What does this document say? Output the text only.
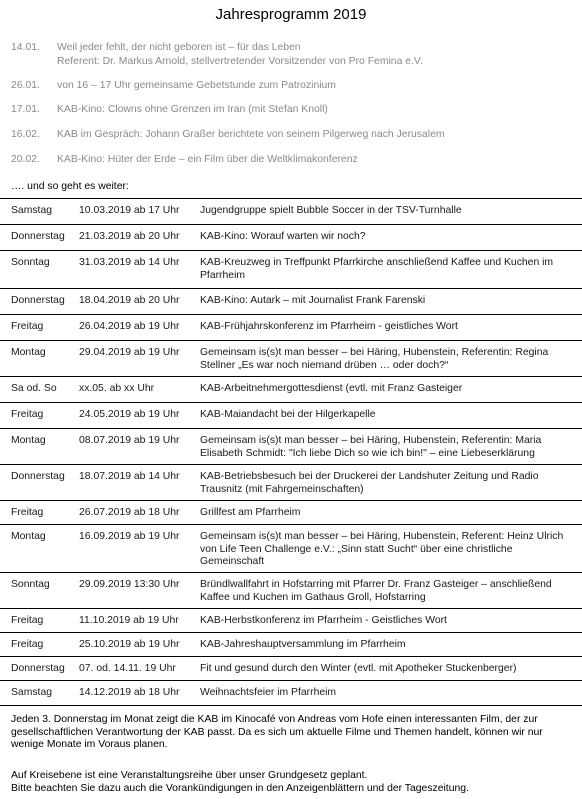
Jahresprogramm 2019
14.01. Weil jeder fehlt, der nicht geboren ist – für das Leben
Referent: Dr. Markus Arnold, stellvertretender Vorsitzender von Pro Femina e.V.
26.01. von 16 – 17 Uhr gemeinsame Gebetstunde zum Patrozinium
17.01. KAB-Kino: Clowns ohne Grenzen im Iran (mit Stefan Knoll)
16.02. KAB im Gespräch: Johann Graßer berichtete von seinem Pilgerweg nach Jerusalem
20.02. KAB-Kino: Hüter der Erde – ein Film über die Weltklimakonferenz
…. und so geht es weiter:
Samstag	10.03.2019 ab 17 Uhr Jugendgruppe spielt Bubble Soccer in der TSV-Turnhalle
Donnerstag 21.03.2019 ab 20 Uhr KAB-Kino: Worauf warten wir noch?
Sonntag	31.03.2019 ab 14 Uhr KAB-Kreuzweg in Treffpunkt Pfarrkirche anschließend Kaffee und Kuchen im Pfarrheim
Donnerstag 18.04.2019 ab 20 Uhr KAB-Kino: Autark – mit Journalist Frank Farenski
Freitag	26.04.2019 ab 19 Uhr KAB-Frühjahrskonferenz im Pfarrheim - geistliches Wort
Montag	29.04.2019 ab 19 Uhr Gemeinsam is(s)t man besser – bei Häring, Hubenstein, Referentin: Regina Stellner „Es war noch niemand drüben … oder doch?“
Sa od. So xx.05. ab xx Uhr	KAB-Arbeitnehmergottesdienst (evtl. mit Franz Gasteiger
Freitag	24.05.2019 ab 19 Uhr KAB-Maiandacht bei der Hilgerkapelle
Montag	08.07.2019 ab 19 Uhr Gemeinsam is(s)t man besser – bei Häring, Hubenstein, Referentin: Maria Elisabeth Schmidt: "Ich liebe Dich so wie ich bin!" – eine Liebeserklärung
Donnerstag 18.07.2019 ab 14 Uhr KAB-Betriebsbesuch bei der Druckerei der Landshuter Zeitung und Radio Trausnitz (mit Fahrgemeinschaften)
Freitag	26.07.2019 ab 18 Uhr Grillfest am Pfarrheim
Montag	16.09.2019 ab 19 Uhr Gemeinsam is(s)t man besser – bei Häring, Hubenstein, Referent: Heinz Ulrich von Life Teen Challenge e.V.: „Sinn statt Sucht“ über eine christliche Gemeinschaft
Sonntag	29.09.2019 13:30 Uhr Bründlwallfahrt in Hofstarring mit Pfarrer Dr. Franz Gasteiger – anschließend Kaffee und Kuchen im Gathaus Groll, Hofstarring
Freitag	11.10.2019 ab 19 Uhr KAB-Herbstkonferenz im Pfarrheim - Geistliches Wort
Freitag	25.10.2019 ab 19 Uhr KAB-Jahreshauptversammlung im Pfarrheim
Donnerstag 07. od. 14.11. 19 Uhr Fit und gesund durch den Winter (evtl. mit Apotheker Stuckenberger)
Samstag	14.12.2019 ab 18 Uhr Weihnachtsfeier im Pfarrheim
Jeden 3. Donnerstag im Monat zeigt die KAB im Kinocafé von Andreas vom Hofe einen interessanten Film, der zur gesellschaftlichen Verantwortung der KAB passt. Da es sich um aktuelle Filme und Themen handelt, können wir nur wenige Monate im Voraus planen.
Auf Kreisebene ist eine Veranstaltungsreihe über unser Grundgesetz geplant.
Bitte beachten Sie dazu auch die Vorankündigungen in den Anzeigenblättern und der Tageszeitung.
